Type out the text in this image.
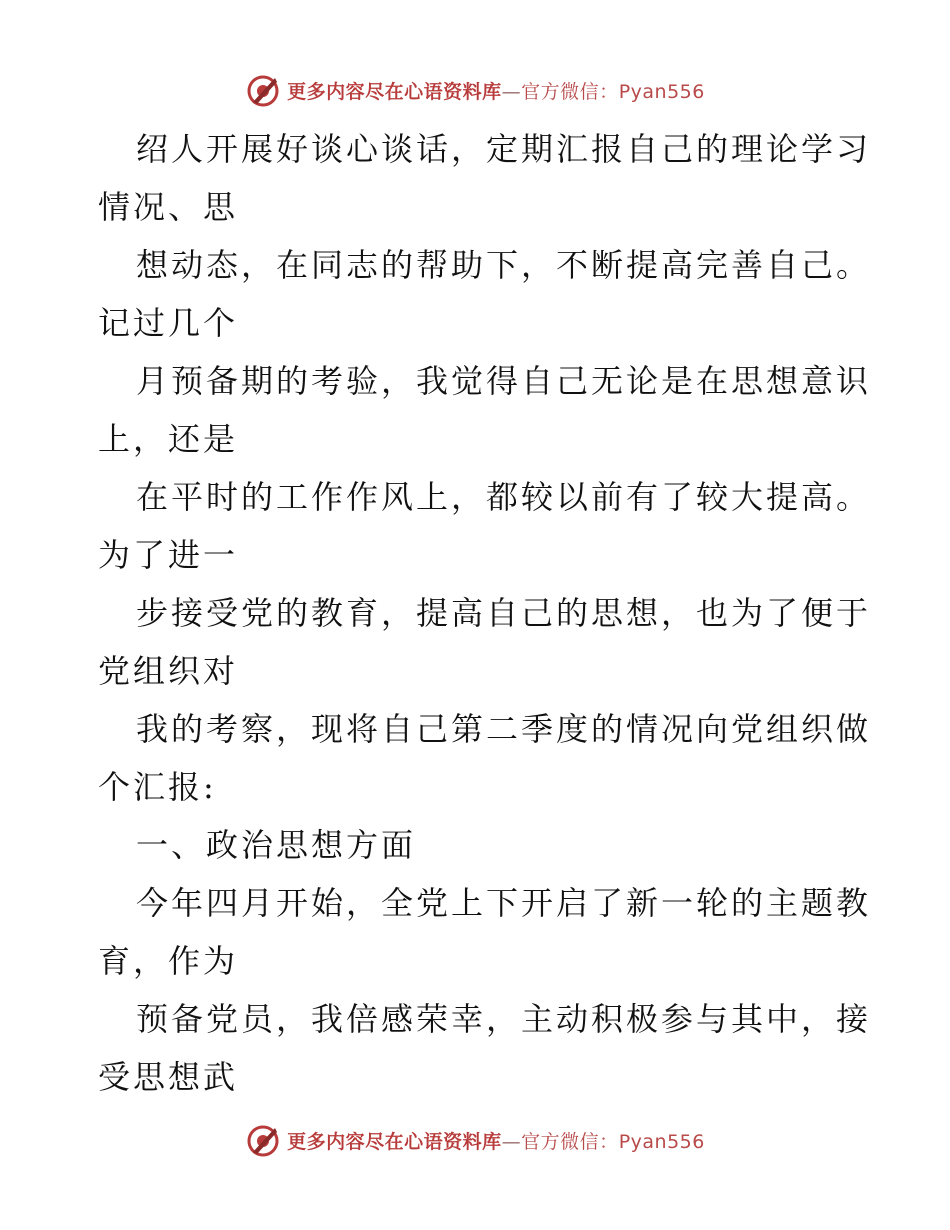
更多内容尽在心语资料库—官方微信：Pyan556
绍人开展好谈心谈话，定期汇报自己的理论学习
情况、思
想动态，在同志的帮助下，不断提高完善自己。
记过几个
月预备期的考验，我觉得自己无论是在思想意识
上，还是
在平时的工作作风上，都较以前有了较大提高。
为了进一
步接受党的教育，提高自己的思想，也为了便于
党组织对
我的考察，现将自己第二季度的情况向党组织做
个汇报:
一、政治思想方面
今年四月开始，全党上下开启了新一轮的主题教
育，作为
预备党员，我倍感荣幸，主动积极参与其中，接
受思想武
更多内容尽在心语资料库—官方微信：Pyan556
